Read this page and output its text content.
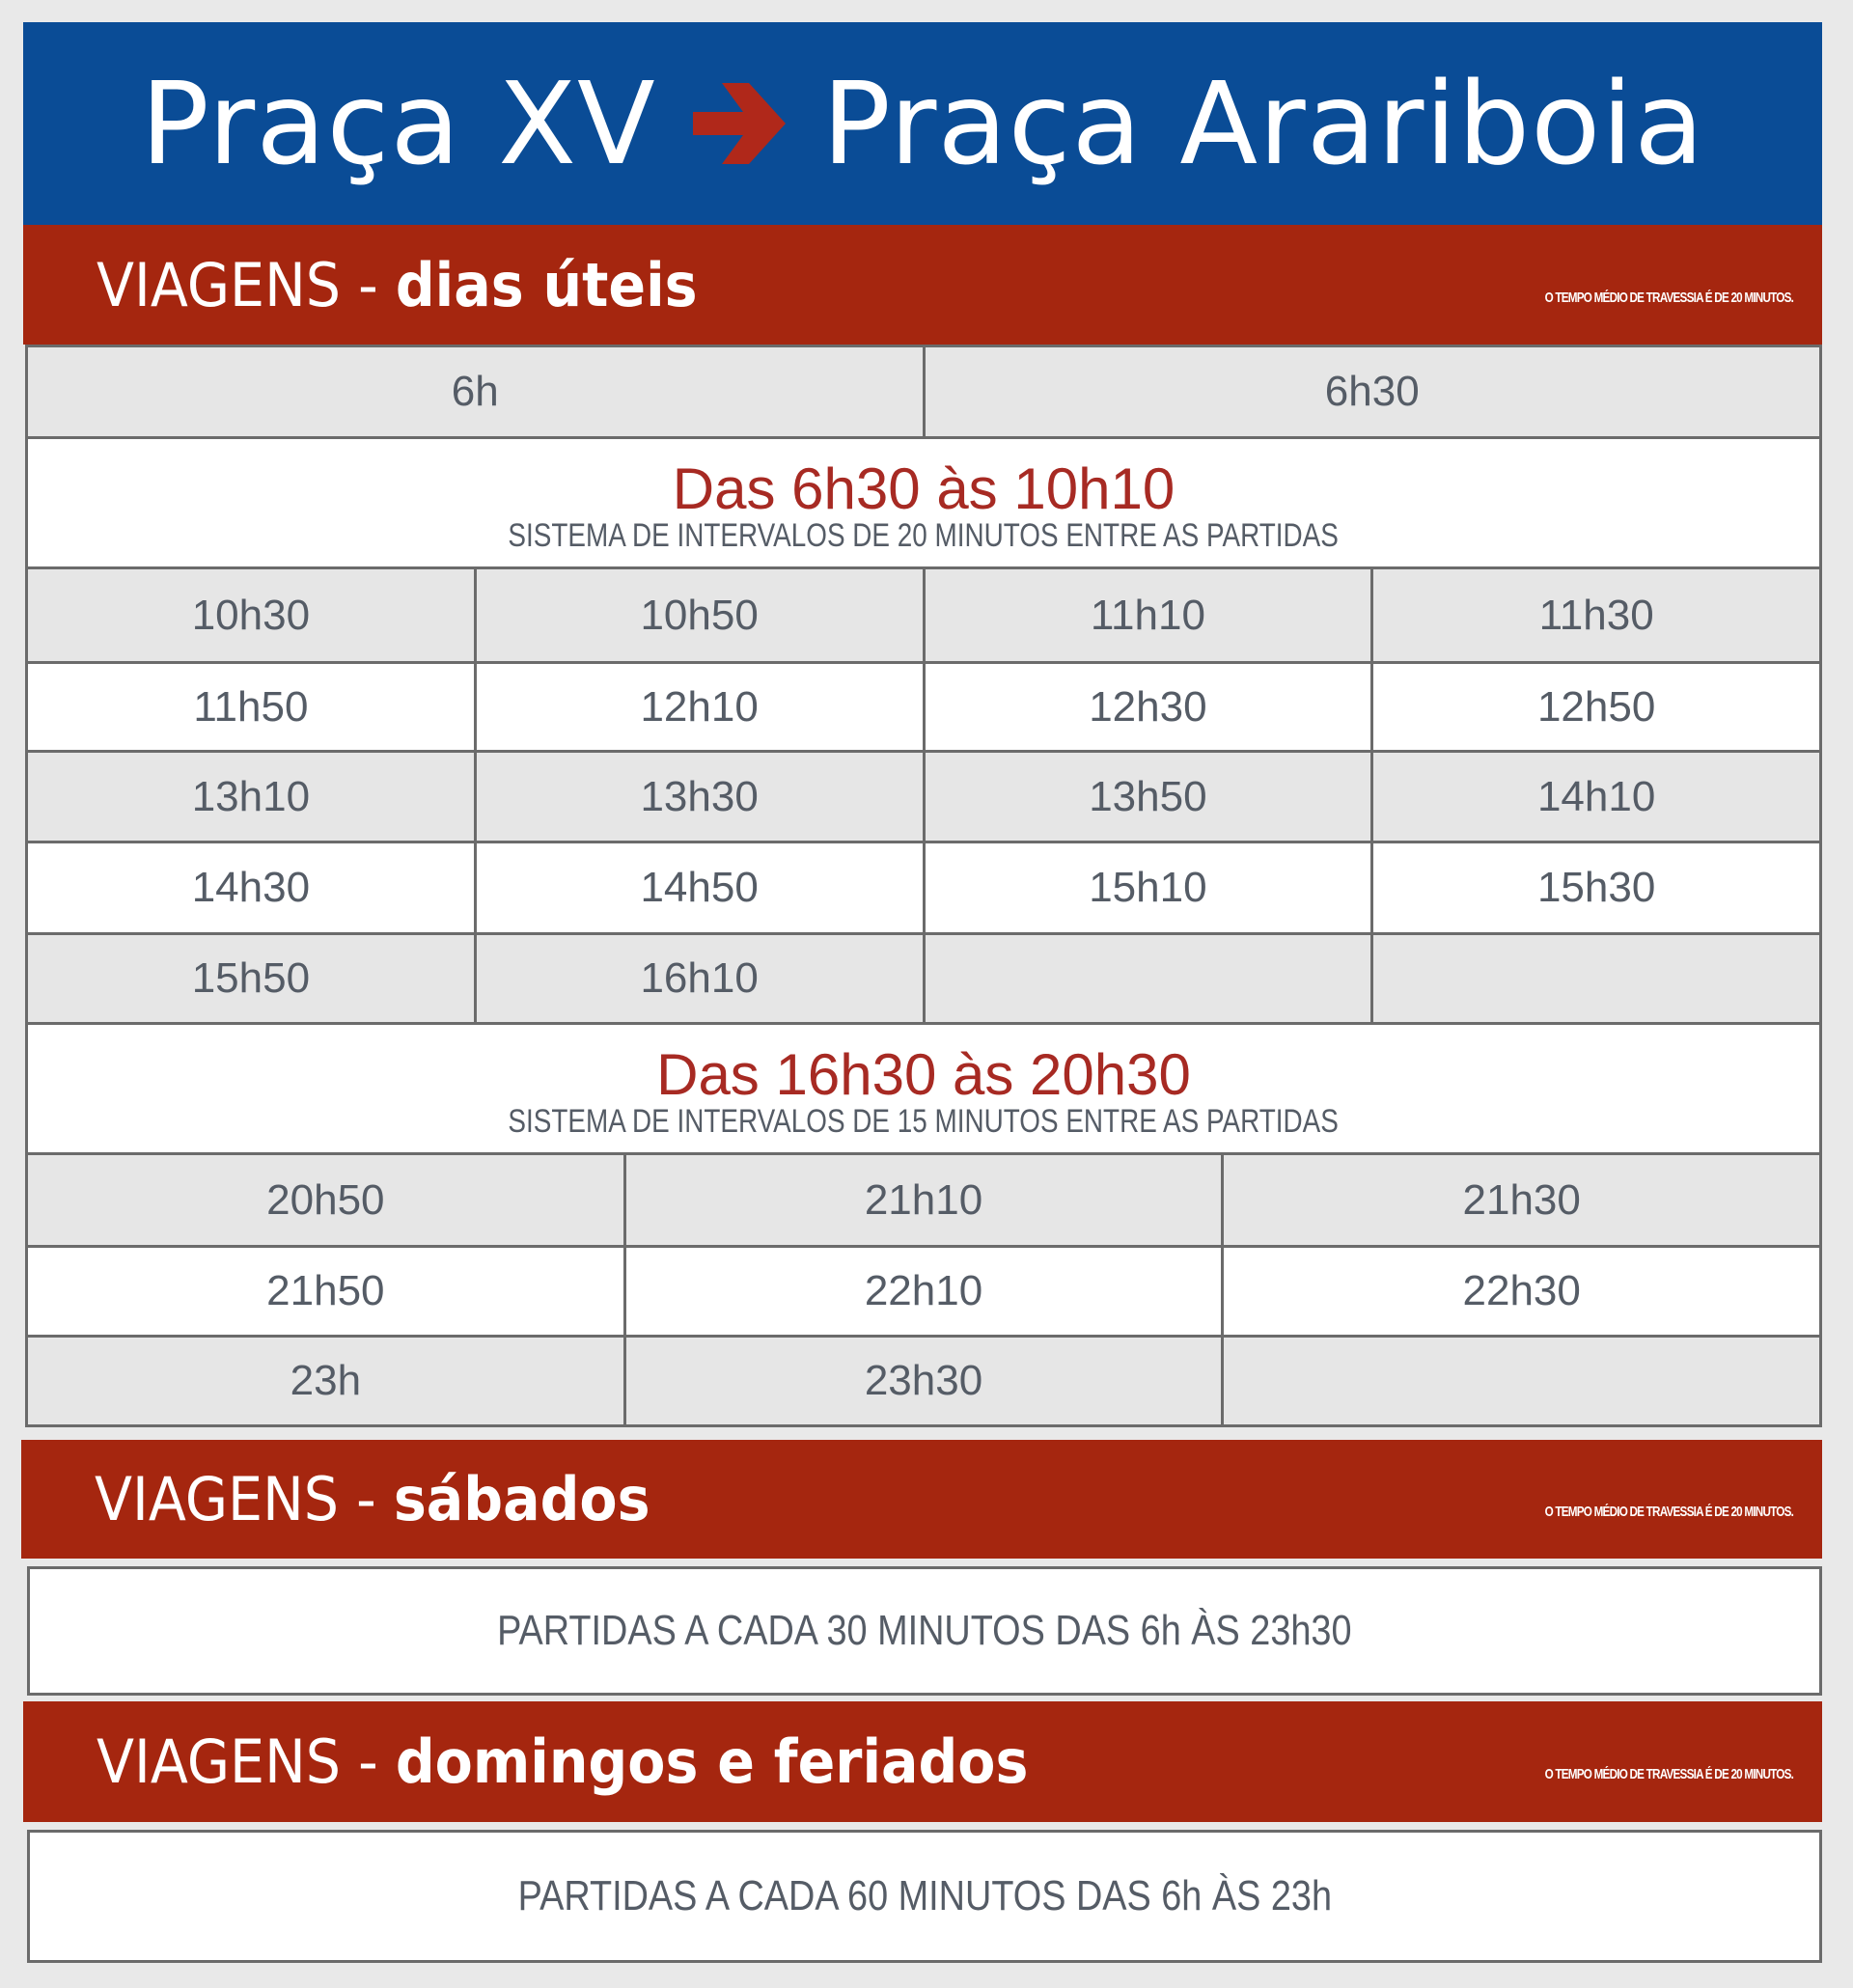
Praça XV Praça Arariboia
VIAGENS - dias úteis	O TEMPO MÉDIO DE TRAVESSIA É DE 20 MINUTOS.
6h	6h30
Das 6h30 às 10h10
SISTEMA DE INTERVALOS DE 20 MINUTOS ENTRE AS PARTIDAS
10h30	10h50	11h10	11h30
11h50	12h10	12h30	12h50
13h10	13h30	13h50	14h10
14h30	14h50	15h10	15h30
15h50	16h10
Das 16h30 às 20h30
SISTEMA DE INTERVALOS DE 15 MINUTOS ENTRE AS PARTIDAS
20h50	21h10	21h30
21h50	22h10	22h30
23h	23h30
VIAGENS - sábados	O TEMPO MÉDIO DE TRAVESSIA É DE 20 MINUTOS.
PARTIDAS A CADA 30 MINUTOS DAS 6h ÀS 23h30
VIAGENS - domingos e feriados	O TEMPO MÉDIO DE TRAVESSIA É DE 20 MINUTOS.
PARTIDAS A CADA 60 MINUTOS DAS 6h ÀS 23h
